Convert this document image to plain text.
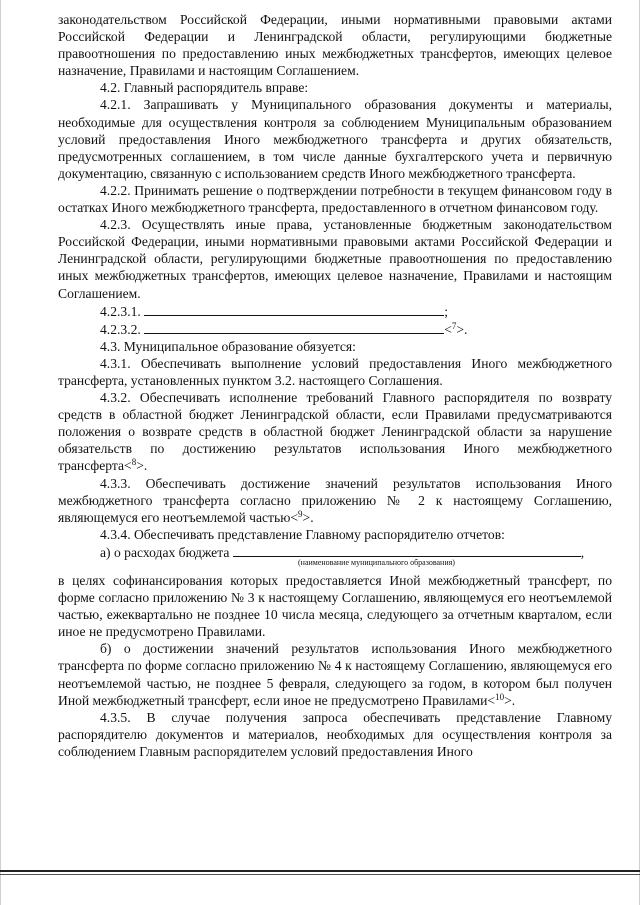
законодательством Российской Федерации, иными нормативными правовыми актами Российской Федерации и Ленинградской области, регулирующими бюджетные правоотношения по предоставлению иных межбюджетных трансфертов, имеющих целевое назначение, Правилами и настоящим Соглашением.

4.2. Главный распорядитель вправе:

4.2.1. Запрашивать у Муниципального образования документы и материалы, необходимые для осуществления контроля за соблюдением Муниципальным образованием условий предоставления Иного межбюджетного трансферта и других обязательств, предусмотренных соглашением, в том числе данные бухгалтерского учета и первичную документацию, связанную с использованием средств Иного межбюджетного трансферта.

4.2.2. Принимать решение о подтверждении потребности в текущем финансовом году в остатках Иного межбюджетного трансферта, предоставленного в отчетном финансовом году.

4.2.3. Осуществлять иные права, установленные бюджетным законодательством Российской Федерации, иными нормативными правовыми актами Российской Федерации и Ленинградской области, регулирующими бюджетные правоотношения по предоставлению иных межбюджетных трансфертов, имеющих целевое назначение, Правилами и настоящим Соглашением.

4.2.3.1.	;

4.2.3.2.	<$^7$>.

4.3. Муниципальное образование обязуется:

4.3.1. Обеспечивать выполнение условий предоставления Иного межбюджетного трансферта, установленных пунктом 3.2. настоящего Соглашения.

4.3.2. Обеспечивать исполнение требований Главного распорядителя по возврату средств в областной бюджет Ленинградской области, если Правилами предусматриваются положения о возврате средств в областной бюджет Ленинградской области за нарушение обязательств по достижению результатов использования Иного межбюджетного трансферта<$^8$>.

4.3.3. Обеспечивать достижение значений результатов использования Иного межбюджетного трансферта согласно приложению № 2 к настоящему Соглашению, являющемуся его неотъемлемой частью<$^9$>.

4.3.4. Обеспечивать представление Главному распорядителю отчетов:

а) о расходах бюджета	,

(наименование муниципального образования)

в целях софинансирования которых предоставляется Иной межбюджетный трансферт, по форме согласно приложению № 3 к настоящему Соглашению, являющемуся его неотъемлемой частью, ежеквартально не позднее 10 числа месяца, следующего за отчетным кварталом, если иное не предусмотрено Правилами.

б) о достижении значений результатов использования Иного межбюджетного трансферта по форме согласно приложению № 4 к настоящему Соглашению, являющемуся его неотъемлемой частью, не позднее 5 февраля, следующего за годом, в котором был получен Иной межбюджетный трансферт, если иное не предусмотрено Правилами<$^{10}$>.

4.3.5. В случае получения запроса обеспечивать представление Главному распорядителю документов и материалов, необходимых для осуществления контроля за соблюдением Главным распорядителем условий предоставления Иного
